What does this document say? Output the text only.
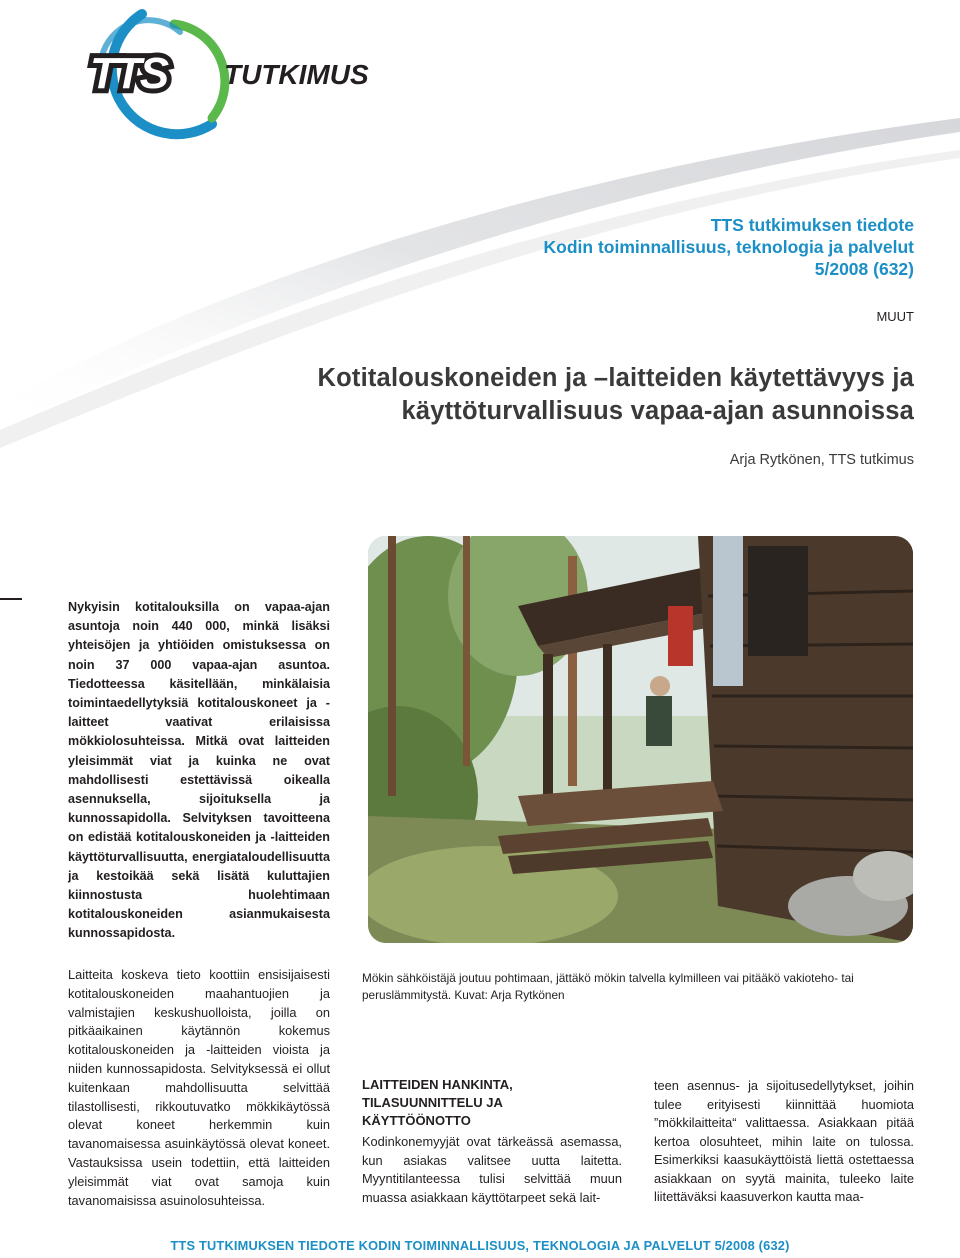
TTS TUTKIMUS
TTS tutkimuksen tiedote
Kodin toiminnallisuus, teknologia ja palvelut
5/2008 (632)
MUUT
Kotitalouskoneiden ja –laitteiden käytettävyys ja
käyttöturvallisuus vapaa-ajan asunnoissa
Arja Rytkönen, TTS tutkimus
Nykyisin kotitalouksilla on vapaa-ajan asuntoja noin 440 000, minkä lisäksi yhteisöjen ja yhtiöiden omistuksessa on noin 37 000 vapaa-ajan asuntoa. Tiedotteessa käsitellään, minkälaisia toimintaedellytyksiä kotitalouskoneet ja -laitteet vaativat erilaisissa mökkiolosuhteissa. Mitkä ovat laitteiden yleisimmät viat ja kuinka ne ovat mahdollisesti estettävissä oikealla asennuksella, sijoituksella ja kunnossapidolla. Selvityksen tavoitteena on edistää kotitalouskoneiden ja -laitteiden käyttöturvallisuutta, energiataloudellisuutta ja kestoikää sekä lisätä kuluttajien kiinnostusta huolehtimaan kotitalouskoneiden asianmukaisesta kunnossapidosta.
Mökin sähköistäjä joutuu pohtimaan, jättäkö mökin talvella kylmilleen vai pitääkö vakioteho- tai peruslämmitystä. Kuvat: Arja Rytkönen
Laitteita koskeva tieto koottiin ensisijaisesti kotitalouskoneiden maahantuojien ja valmistajien keskushuolloista, joilla on pitkäaikainen käytännön kokemus kotitalouskoneiden ja -laitteiden vioista ja niiden kunnossapidosta. Selvityksessä ei ollut kuitenkaan mahdollisuutta selvittää tilastollisesti, rikkoutuvatko mökkikäytössä olevat koneet herkemmin kuin tavanomaisessa asuinkäytössä olevat koneet. Vastauksissa usein todettiin, että laitteiden yleisimmät viat ovat samoja kuin tavanomaisissa asuinolosuhteissa.
LAITTEIDEN HANKINTA, TILASUUNNITTELU JA KÄYTTÖÖNOTTO
Kodinkonemyyjät ovat tärkeässä asemassa, kun asiakas valitsee uutta laitetta. Myyntitilanteessa tulisi selvittää muun muassa asiakkaan käyttötarpeet sekä lait-
teen asennus- ja sijoitusedellytykset, joihin tulee erityisesti kiinnittää huomiota ”mökkilaitteita“ valittaessa. Asiakkaan pitää kertoa olosuhteet, mihin laite on tulossa. Esimerkiksi kaasukäyttöistä liettä ostettaessa asiakkaan on syytä mainita, tuleeko laite liitettäväksi kaasuverkon kautta maa-
TTS TUTKIMUKSEN TIEDOTE KODIN TOIMINNALLISUUS, TEKNOLOGIA JA PALVELUT 5/2008 (632)
